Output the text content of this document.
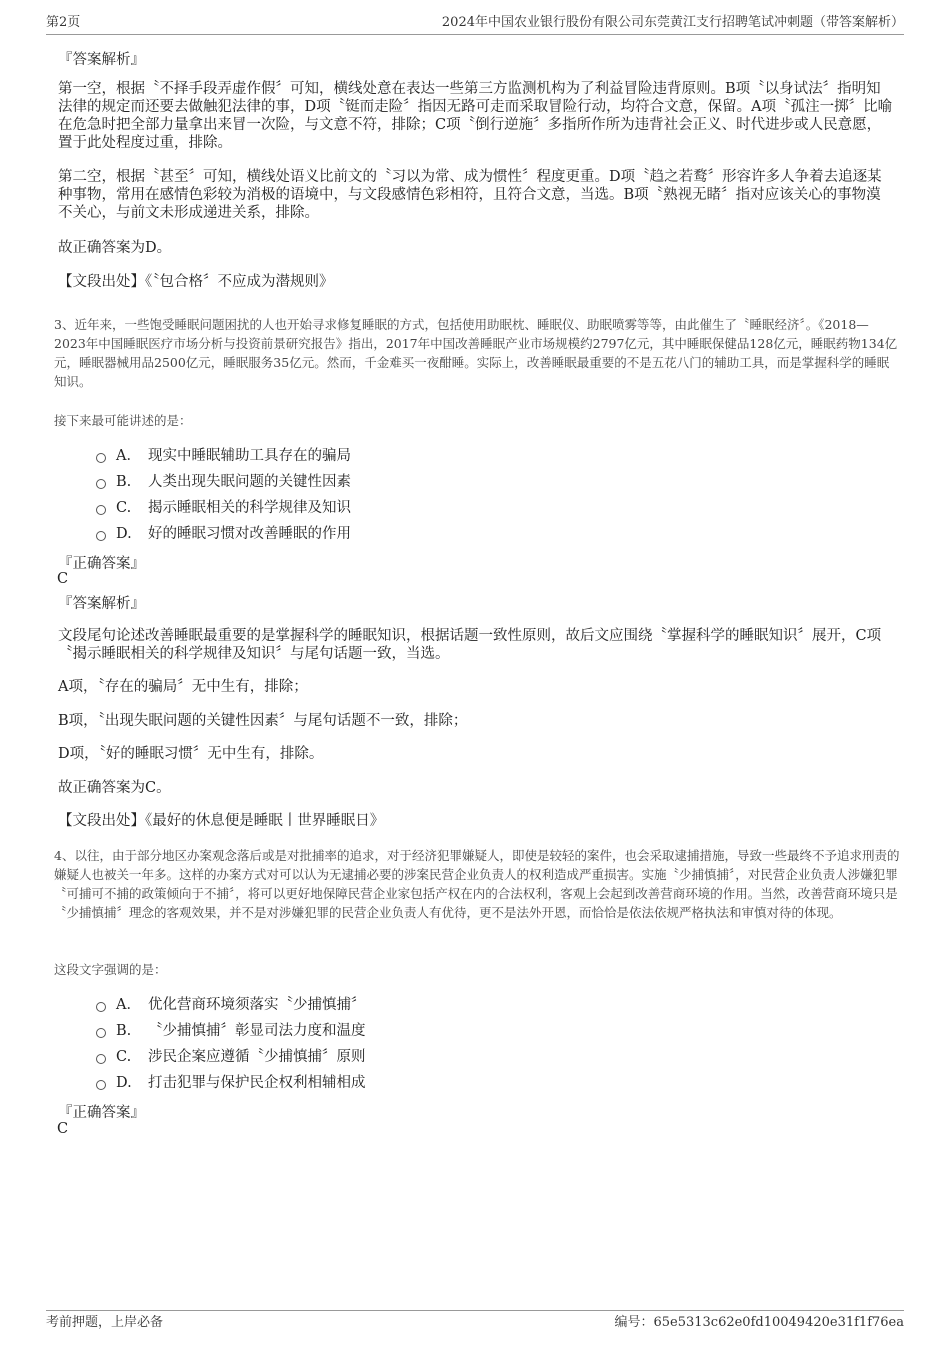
第2页	2024年中国农业银行股份有限公司东莞黄江支行招聘笔试冲刺题（带答案解析）
『答案解析』

第一空，根据〝不择手段弄虚作假〞可知，横线处意在表达一些第三方监测机构为了利益冒险违背原则。B项〝以身试法〞指明知法律的规定而还要去做触犯法律的事，D项〝铤而走险〞指因无路可走而采取冒险行动，均符合文意，保留。A项〝孤注一掷〞比喻在危急时把全部力量拿出来冒一次险，与文意不符，排除；C项〝倒行逆施〞多指所作所为违背社会正义、时代进步或人民意愿，置于此处程度过重，排除。

第二空，根据〝甚至〞可知，横线处语义比前文的〝习以为常、成为惯性〞程度更重。D项〝趋之若鹜〞形容许多人争着去追逐某种事物，常用在感情色彩较为消极的语境中，与文段感情色彩相符，且符合文意，当选。B项〝熟视无睹〞指对应该关心的事物漠不关心，与前文未形成递进关系，排除。

故正确答案为D。

【文段出处】《〝包合格〞不应成为潜规则》

3、近年来，一些饱受睡眠问题困扰的人也开始寻求修复睡眠的方式，包括使用助眠枕、睡眠仪、助眠喷雾等等，由此催生了〝睡眠经济〞。《2018—2023年中国睡眠医疗市场分析与投资前景研究报告》指出，2017年中国改善睡眠产业市场规模约2797亿元，其中睡眠保健品128亿元，睡眠药物134亿元，睡眠器械用品2500亿元，睡眠服务35亿元。然而，千金难买一夜酣睡。实际上，改善睡眠最重要的不是五花八门的辅助工具，而是掌握科学的睡眠知识。

接下来最可能讲述的是：

A． 现实中睡眠辅助工具存在的骗局
B. 人类出现失眠问题的关键性因素
C. 揭示睡眠相关的科学规律及知识
D. 好的睡眠习惯对改善睡眠的作用
『正确答案』
C
『答案解析』

文段尾句论述改善睡眠最重要的是掌握科学的睡眠知识，根据话题一致性原则，故后文应围绕〝掌握科学的睡眠知识〞展开，C项〝揭示睡眠相关的科学规律及知识〞与尾句话题一致，当选。

A项，〝存在的骗局〞无中生有，排除；

B项，〝出现失眠问题的关键性因素〞与尾句话题不一致，排除；

D项，〝好的睡眠习惯〞无中生有，排除。

故正确答案为C。

【文段出处】《最好的休息便是睡眠丨世界睡眠日》

4、以往，由于部分地区办案观念落后或是对批捕率的追求，对于经济犯罪嫌疑人，即使是较轻的案件，也会采取逮捕措施，导致一些最终不予追求刑责的嫌疑人也被关一年多。这样的办案方式对可以认为无逮捕必要的涉案民营企业负责人的权利造成严重损害。实施〝少捕慎捕〞，对民营企业负责人涉嫌犯罪〝可捕可不捕的政策倾向于不捕〞，将可以更好地保障民营企业家包括产权在内的合法权利，客观上会起到改善营商环境的作用。当然，改善营商环境只是〝少捕慎捕〞理念的客观效果，并不是对涉嫌犯罪的民营企业负责人有优待，更不是法外开恩，而恰恰是依法依规严格执法和审慎对待的体现。

这段文字强调的是：

A． 优化营商环境须落实〝少捕慎捕〞
B. 〝少捕慎捕〞彰显司法力度和温度
C. 涉民企案应遵循〝少捕慎捕〞原则
D. 打击犯罪与保护民企权利相辅相成
『正确答案』
C
考前押题，上岸必备	编号：65e5313c62e0fd10049420e31f1f76ea
